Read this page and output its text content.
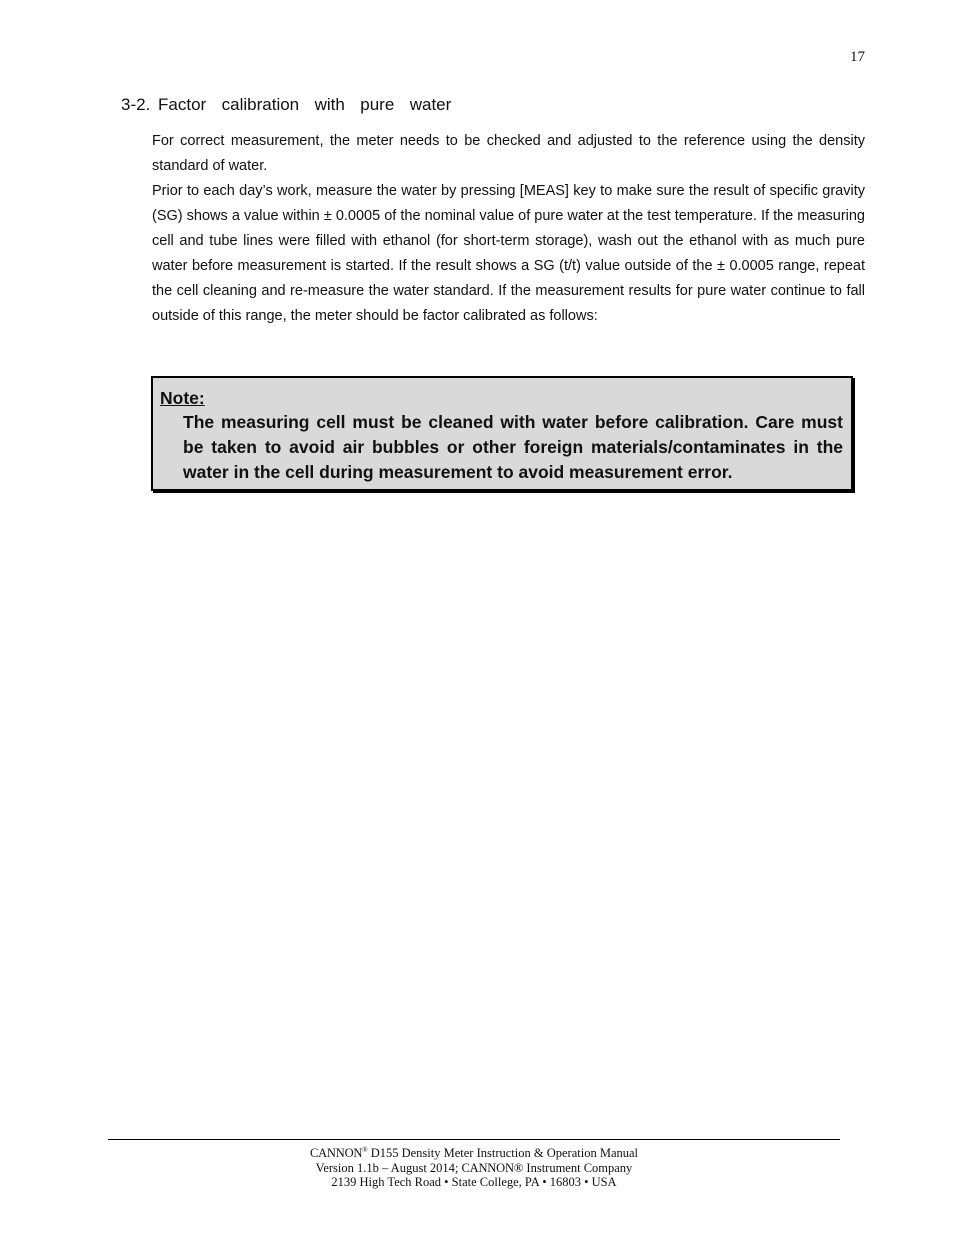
17
3-2. Factor  calibration  with  pure  water

For correct measurement, the meter needs to be checked and adjusted to the reference using the density standard of water.

Prior to each day’s work, measure the water by pressing [MEAS] key to make sure the result of specific gravity (SG) shows a value within ± 0.0005 of the nominal value of pure water at the test temperature. If the measuring cell and tube lines were filled with ethanol (for short-term storage), wash out the ethanol with as much pure water before measurement is started. If the result shows a SG (t/t) value outside of the ± 0.0005 range, repeat the cell cleaning and re-measure the water standard. If the measurement results for pure water continue to fall outside of this range, the meter should be factor calibrated as follows:

Note:

The measuring cell must be cleaned with water before calibration. Care must be taken to avoid air bubbles or other foreign materials/contaminates in the water in the cell during measurement to avoid measurement error.

CANNON® D155 Density Meter Instruction & Operation Manual
Version 1.1b – August 2014; CANNON® Instrument Company
2139 High Tech Road • State College, PA • 16803 • USA
